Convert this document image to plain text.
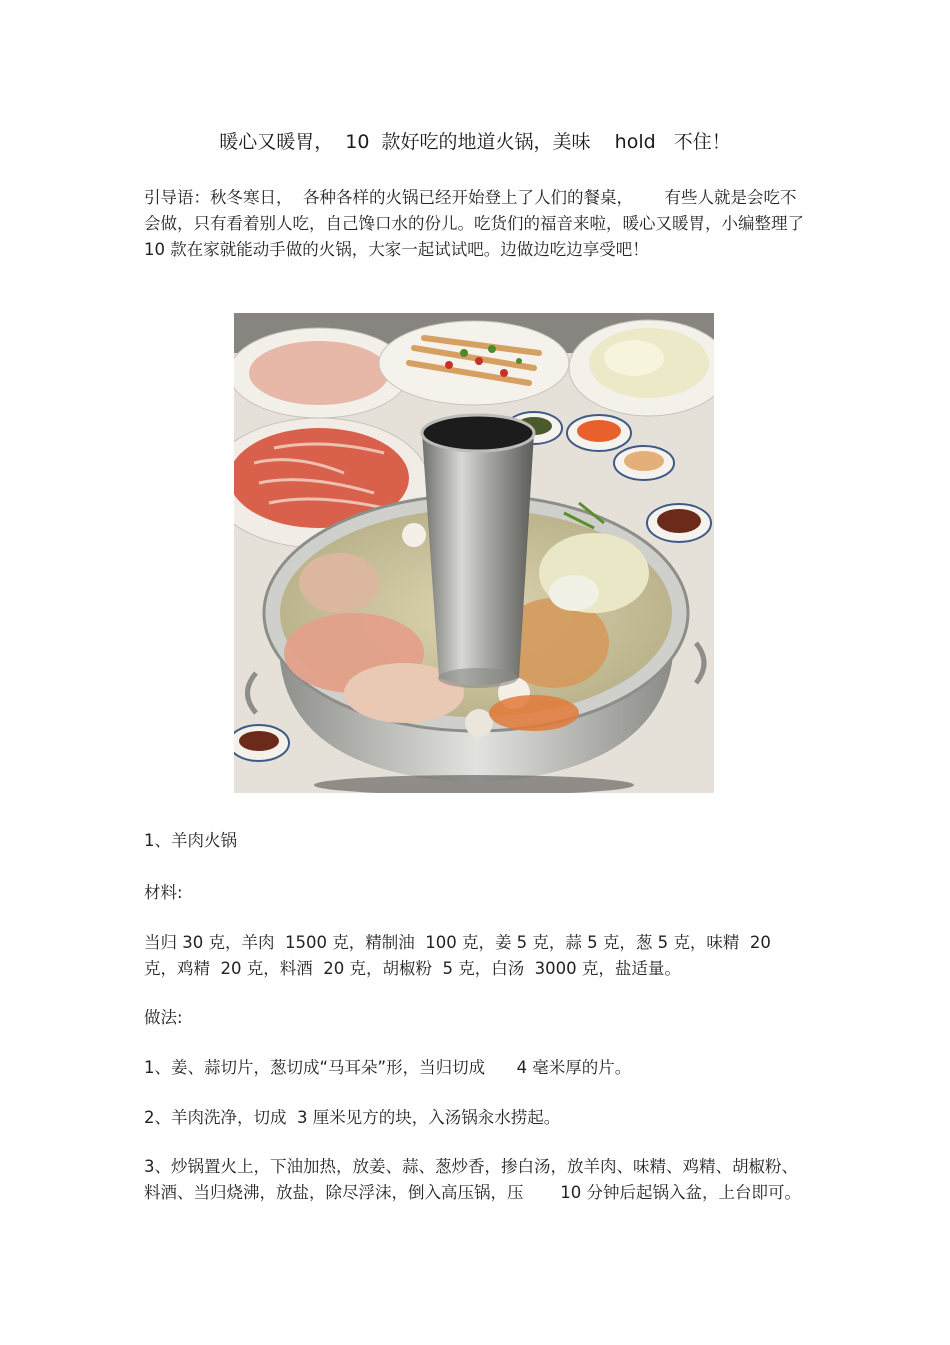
暖心又暖胃，  10  款好吃的地道火锅，美味    hold   不住！
引导语：秋冬寒日，  各种各样的火锅已经开始登上了人们的餐桌，      有些人就是会吃不会做，只有看着别人吃，自己馋口水的份儿。吃货们的福音来啦，暖心又暖胃，小编整理了   10 款在家就能动手做的火锅，大家一起试试吧。边做边吃边享受吧！
1、羊肉火锅
材料:
当归 30 克，羊肉  1500 克，精制油  100 克，姜 5 克，蒜 5 克，葱 5 克，味精  20 克，鸡精  20 克，料酒  20 克，胡椒粉  5 克，白汤  3000 克，盐适量。
做法:
1、姜、蒜切片，葱切成“马耳朵”形，当归切成      4 毫米厚的片。
2、羊肉洗净，切成  3 厘米见方的块，入汤锅汆水捞起。
3、炒锅置火上，下油加热，放姜、蒜、葱炒香，掺白汤，放羊肉、味精、鸡精、胡椒粉、料酒、当归烧沸，放盐，除尽浮沫，倒入高压锅，压       10 分钟后起锅入盆，上台即可。
